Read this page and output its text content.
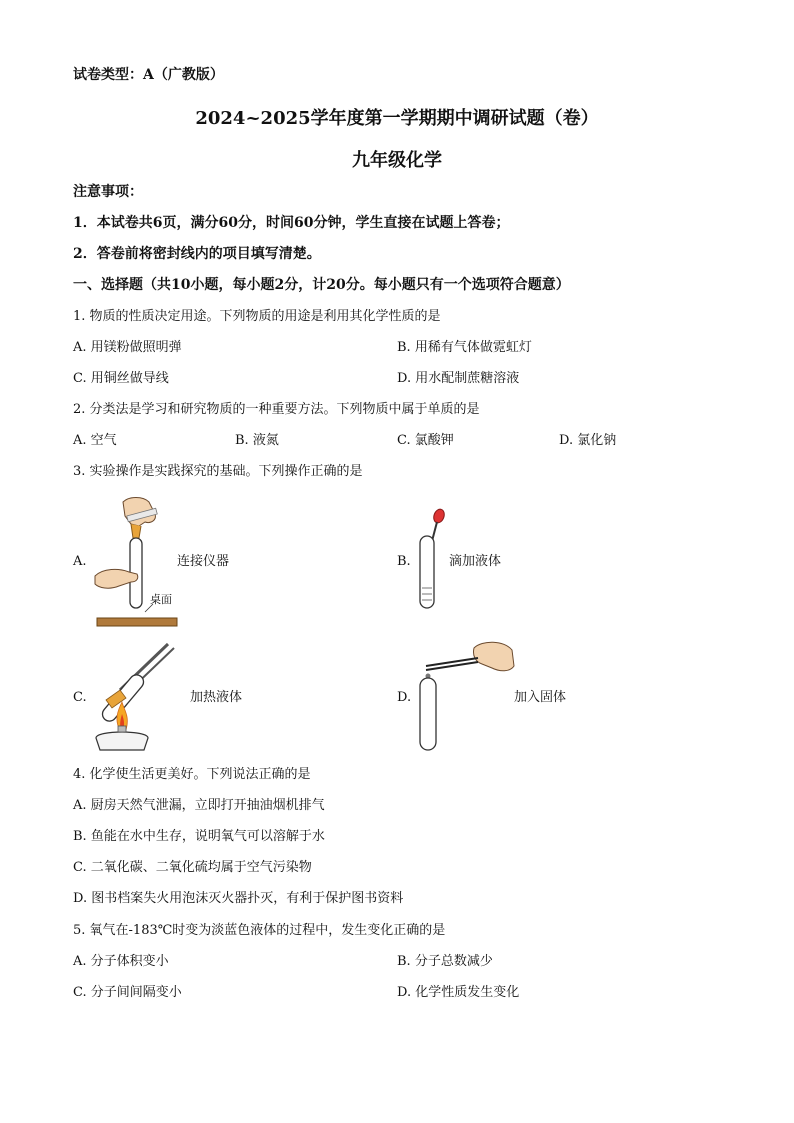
试卷类型：A（广教版）
2024~2025学年度第一学期期中调研试题（卷）
九年级化学
注意事项：
1．本试卷共6页，满分60分，时间60分钟，学生直接在试题上答卷；
2．答卷前将密封线内的项目填写清楚。
一、选择题（共10小题，每小题2分，计20分。每小题只有一个选项符合题意）
1. 物质的性质决定用途。下列物质的用途是利用其化学性质的是
A. 用镁粉做照明弹	B. 用稀有气体做霓虹灯
C. 用铜丝做导线	D. 用水配制蔗糖溶液
2. 分类法是学习和研究物质的一种重要方法。下列物质中属于单质的是
A. 空气	B. 液氮	C. 氯酸钾	D. 氯化钠
3. 实验操作是实践探究的基础。下列操作正确的是
A.
桌面
连接仪器	B.	滴加液体
C.	加热液体	D.	加入固体
4. 化学使生活更美好。下列说法正确的是
A. 厨房天然气泄漏，立即打开抽油烟机排气
B. 鱼能在水中生存，说明氧气可以溶解于水
C. 二氧化碳、二氧化硫均属于空气污染物
D. 图书档案失火用泡沫灭火器扑灭，有利于保护图书资料
5. 氧气在-183℃时变为淡蓝色液体的过程中，发生变化正确的是
A. 分子体积变小	B. 分子总数减少
C. 分子间间隔变小	D. 化学性质发生变化
